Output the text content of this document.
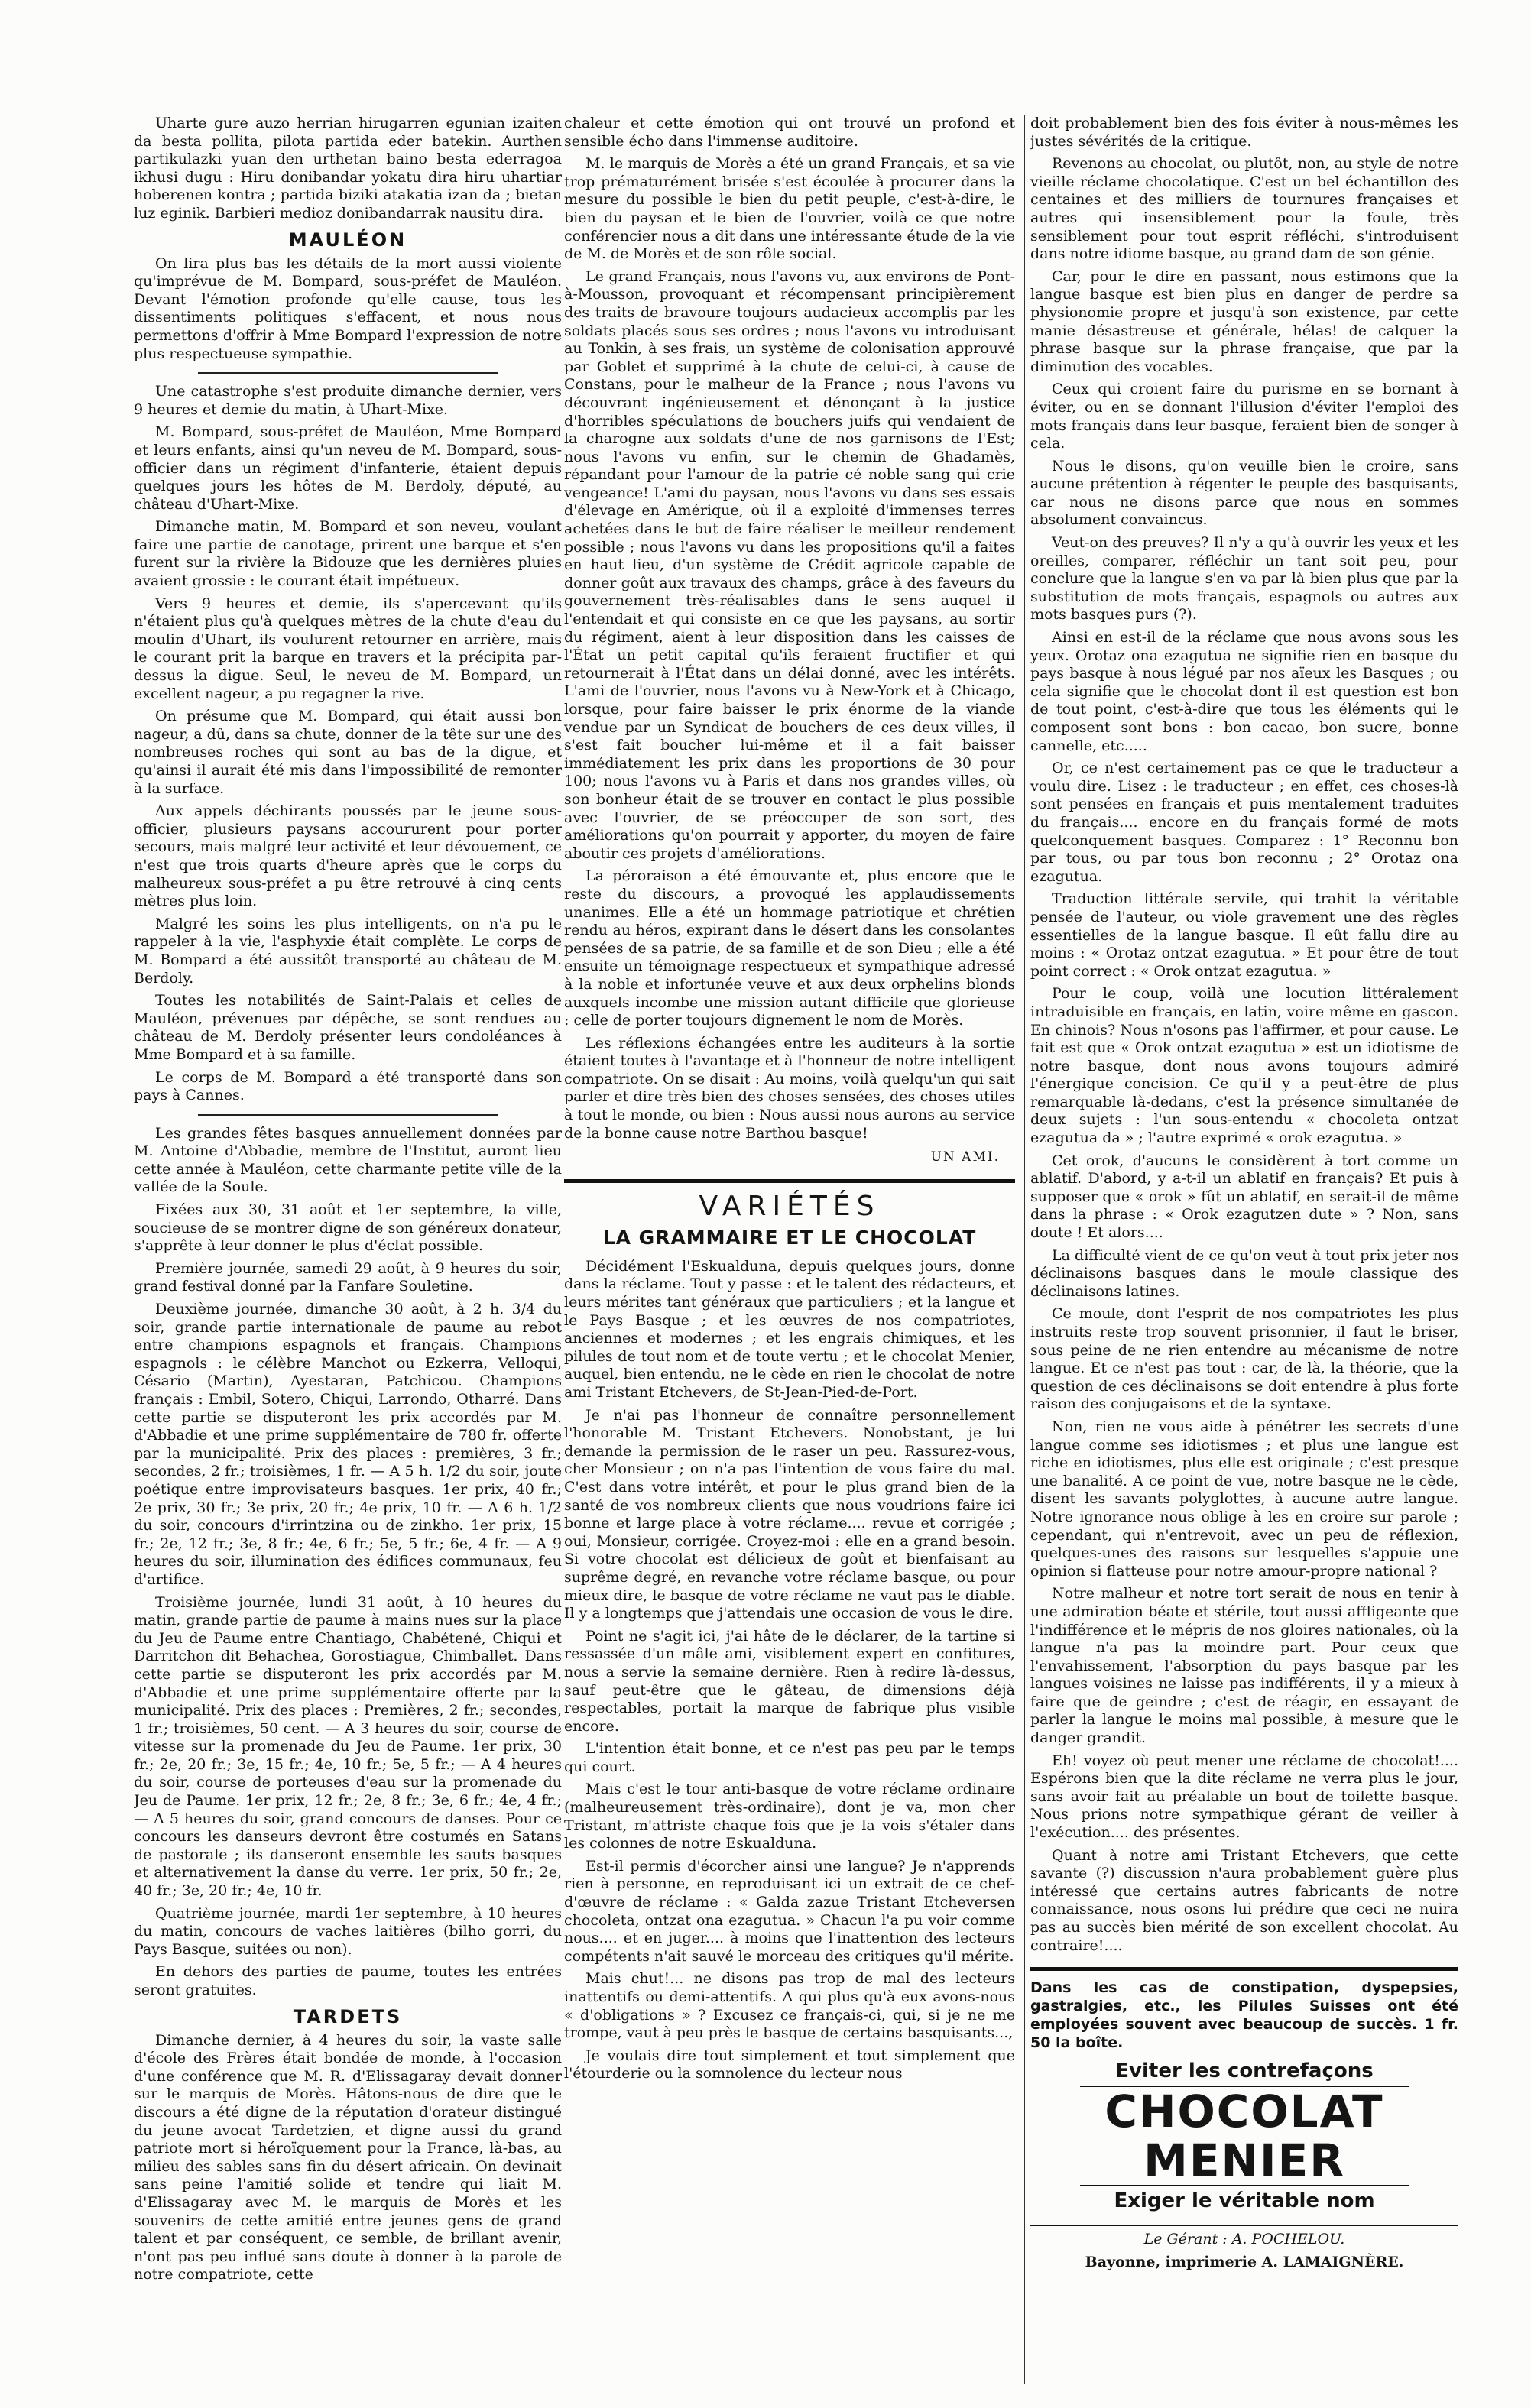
Uharte gure auzo herrian hirugarren egunian izaiten da besta pollita, pilota partida eder batekin. Aurthen partikulazki yuan den urthetan baino besta ederragoa ikhusi dugu : Hiru donibandar yokatu dira hiru uhartiar hoberenen kontra ; partida biziki atakatia izan da ; bietan luz eginik. Barbieri medioz donibandarrak nausitu dira.

MAULÉON

On lira plus bas les détails de la mort aussi violente qu'imprévue de M. Bompard, sous-préfet de Mauléon. Devant l'émotion profonde qu'elle cause, tous les dissentiments politiques s'effacent, et nous nous permettons d'offrir à Mme Bompard l'expression de notre plus respectueuse sympathie.

Une catastrophe s'est produite dimanche dernier, vers 9 heures et demie du matin, à Uhart-Mixe.

M. Bompard, sous-préfet de Mauléon, Mme Bompard et leurs enfants, ainsi qu'un neveu de M. Bompard, sous-officier dans un régiment d'infanterie, étaient depuis quelques jours les hôtes de M. Berdoly, député, au château d'Uhart-Mixe.

Dimanche matin, M. Bompard et son neveu, voulant faire une partie de canotage, prirent une barque et s'en furent sur la rivière la Bidouze que les dernières pluies avaient grossie : le courant était impétueux.

Vers 9 heures et demie, ils s'apercevant qu'ils n'étaient plus qu'à quelques mètres de la chute d'eau du moulin d'Uhart, ils voulurent retourner en arrière, mais le courant prit la barque en travers et la précipita par-dessus la digue. Seul, le neveu de M. Bompard, un excellent nageur, a pu regagner la rive.

On présume que M. Bompard, qui était aussi bon nageur, a dû, dans sa chute, donner de la tête sur une des nombreuses roches qui sont au bas de la digue, et qu'ainsi il aurait été mis dans l'impossibilité de remonter à la surface.

Aux appels déchirants poussés par le jeune sous-officier, plusieurs paysans accoururent pour porter secours, mais malgré leur activité et leur dévouement, ce n'est que trois quarts d'heure après que le corps du malheureux sous-préfet a pu être retrouvé à cinq cents mètres plus loin.

Malgré les soins les plus intelligents, on n'a pu le rappeler à la vie, l'asphyxie était complète. Le corps de M. Bompard a été aussitôt transporté au château de M. Berdoly.

Toutes les notabilités de Saint-Palais et celles de Mauléon, prévenues par dépêche, se sont rendues au château de M. Berdoly présenter leurs condoléances à Mme Bompard et à sa famille.

Le corps de M. Bompard a été transporté dans son pays à Cannes.

Les grandes fêtes basques annuellement données par M. Antoine d'Abbadie, membre de l'Institut, auront lieu cette année à Mauléon, cette charmante petite ville de la vallée de la Soule.

Fixées aux 30, 31 août et 1er septembre, la ville, soucieuse de se montrer digne de son généreux donateur, s'apprête à leur donner le plus d'éclat possible.

Première journée, samedi 29 août, à 9 heures du soir, grand festival donné par la Fanfare Souletine.

Deuxième journée, dimanche 30 août, à 2 h. 3/4 du soir, grande partie internationale de paume au rebot entre champions espagnols et français. Champions espagnols : le célèbre Manchot ou Ezkerra, Velloqui, Césario (Martin), Ayestaran, Patchicou. Champions français : Embil, Sotero, Chiqui, Larrondo, Otharré. Dans cette partie se disputeront les prix accordés par M. d'Abbadie et une prime supplémentaire de 780 fr. offerte par la municipalité. Prix des places : premières, 3 fr.; secondes, 2 fr.; troisièmes, 1 fr. — A 5 h. 1/2 du soir, joute poétique entre improvisateurs basques. 1er prix, 40 fr.; 2e prix, 30 fr.; 3e prix, 20 fr.; 4e prix, 10 fr. — A 6 h. 1/2 du soir, concours d'irrintzina ou de zinkho. 1er prix, 15 fr.; 2e, 12 fr.; 3e, 8 fr.; 4e, 6 fr.; 5e, 5 fr.; 6e, 4 fr. — A 9 heures du soir, illumination des édifices communaux, feu d'artifice.

Troisième journée, lundi 31 août, à 10 heures du matin, grande partie de paume à mains nues sur la place du Jeu de Paume entre Chantiago, Chabétené, Chiqui et Darritchon dit Behachea, Gorostiague, Chimballet. Dans cette partie se disputeront les prix accordés par M. d'Abbadie et une prime supplémentaire offerte par la municipalité. Prix des places : Premières, 2 fr.; secondes, 1 fr.; troisièmes, 50 cent. — A 3 heures du soir, course de vitesse sur la promenade du Jeu de Paume. 1er prix, 30 fr.; 2e, 20 fr.; 3e, 15 fr.; 4e, 10 fr.; 5e, 5 fr.; — A 4 heures du soir, course de porteuses d'eau sur la promenade du Jeu de Paume. 1er prix, 12 fr.; 2e, 8 fr.; 3e, 6 fr.; 4e, 4 fr.; — A 5 heures du soir, grand concours de danses. Pour ce concours les danseurs devront être costumés en Satans de pastorale ; ils danseront ensemble les sauts basques et alternativement la danse du verre. 1er prix, 50 fr.; 2e, 40 fr.; 3e, 20 fr.; 4e, 10 fr.

Quatrième journée, mardi 1er septembre, à 10 heures du matin, concours de vaches laitières (bilho gorri, du Pays Basque, suitées ou non).

En dehors des parties de paume, toutes les entrées seront gratuites.

TARDETS

Dimanche dernier, à 4 heures du soir, la vaste salle d'école des Frères était bondée de monde, à l'occasion d'une conférence que M. R. d'Elissagaray devait donner sur le marquis de Morès. Hâtons-nous de dire que le discours a été digne de la réputation d'orateur distingué du jeune avocat Tardetzien, et digne aussi du grand patriote mort si héroïquement pour la France, là-bas, au milieu des sables sans fin du désert africain. On devinait sans peine l'amitié solide et tendre qui liait M. d'Elissagaray avec M. le marquis de Morès et les souvenirs de cette amitié entre jeunes gens de grand talent et par conséquent, ce semble, de brillant avenir, n'ont pas peu influé sans doute à donner à la parole de notre compatriote, cette

chaleur et cette émotion qui ont trouvé un profond et sensible écho dans l'immense auditoire.

M. le marquis de Morès a été un grand Français, et sa vie trop prématurément brisée s'est écoulée à procurer dans la mesure du possible le bien du petit peuple, c'est-à-dire, le bien du paysan et le bien de l'ouvrier, voilà ce que notre conférencier nous a dit dans une intéressante étude de la vie de M. de Morès et de son rôle social.

Le grand Français, nous l'avons vu, aux environs de Pont-à-Mousson, provoquant et récompensant principièrement des traits de bravoure toujours audacieux accomplis par les soldats placés sous ses ordres ; nous l'avons vu introduisant au Tonkin, à ses frais, un système de colonisation approuvé par Goblet et supprimé à la chute de celui-ci, à cause de Constans, pour le malheur de la France ; nous l'avons vu découvrant ingénieusement et dénonçant à la justice d'horribles spéculations de bouchers juifs qui vendaient de la charogne aux soldats d'une de nos garnisons de l'Est; nous l'avons vu enfin, sur le chemin de Ghadamès, répandant pour l'amour de la patrie cé noble sang qui crie vengeance! L'ami du paysan, nous l'avons vu dans ses essais d'élevage en Amérique, où il a exploité d'immenses terres achetées dans le but de faire réaliser le meilleur rendement possible ; nous l'avons vu dans les propositions qu'il a faites en haut lieu, d'un système de Crédit agricole capable de donner goût aux travaux des champs, grâce à des faveurs du gouvernement très-réalisables dans le sens auquel il l'entendait et qui consiste en ce que les paysans, au sortir du régiment, aient à leur disposition dans les caisses de l'État un petit capital qu'ils feraient fructifier et qui retournerait à l'État dans un délai donné, avec les intérêts. L'ami de l'ouvrier, nous l'avons vu à New-York et à Chicago, lorsque, pour faire baisser le prix énorme de la viande vendue par un Syndicat de bouchers de ces deux villes, il s'est fait boucher lui-même et il a fait baisser immédiatement les prix dans les proportions de 30 pour 100; nous l'avons vu à Paris et dans nos grandes villes, où son bonheur était de se trouver en contact le plus possible avec l'ouvrier, de se préoccuper de son sort, des améliorations qu'on pourrait y apporter, du moyen de faire aboutir ces projets d'améliorations.

La péroraison a été émouvante et, plus encore que le reste du discours, a provoqué les applaudissements unanimes. Elle a été un hommage patriotique et chrétien rendu au héros, expirant dans le désert dans les consolantes pensées de sa patrie, de sa famille et de son Dieu ; elle a été ensuite un témoignage respectueux et sympathique adressé à la noble et infortunée veuve et aux deux orphelins blonds auxquels incombe une mission autant difficile que glorieuse : celle de porter toujours dignement le nom de Morès.

Les réflexions échangées entre les auditeurs à la sortie étaient toutes à l'avantage et à l'honneur de notre intelligent compatriote. On se disait : Au moins, voilà quelqu'un qui sait parler et dire très bien des choses sensées, des choses utiles à tout le monde, ou bien : Nous aussi nous aurons au service de la bonne cause notre Barthou basque!

UN AMI.

VARIÉTÉS
LA GRAMMAIRE ET LE CHOCOLAT

Décidément l'Eskualduna, depuis quelques jours, donne dans la réclame. Tout y passe : et le talent des rédacteurs, et leurs mérites tant généraux que particuliers ; et la langue et le Pays Basque ; et les œuvres de nos compatriotes, anciennes et modernes ; et les engrais chimiques, et les pilules de tout nom et de toute vertu ; et le chocolat Menier, auquel, bien entendu, ne le cède en rien le chocolat de notre ami Tristant Etchevers, de St-Jean-Pied-de-Port.

Je n'ai pas l'honneur de connaître personnellement l'honorable M. Tristant Etchevers. Nonobstant, je lui demande la permission de le raser un peu. Rassurez-vous, cher Monsieur ; on n'a pas l'intention de vous faire du mal. C'est dans votre intérêt, et pour le plus grand bien de la santé de vos nombreux clients que nous voudrions faire ici bonne et large place à votre réclame.... revue et corrigée ; oui, Monsieur, corrigée. Croyez-moi : elle en a grand besoin. Si votre chocolat est délicieux de goût et bienfaisant au suprême degré, en revanche votre réclame basque, ou pour mieux dire, le basque de votre réclame ne vaut pas le diable. Il y a longtemps que j'attendais une occasion de vous le dire.

Point ne s'agit ici, j'ai hâte de le déclarer, de la tartine si ressassée d'un mâle ami, visiblement expert en confitures, nous a servie la semaine dernière. Rien à redire là-dessus, sauf peut-être que le gâteau, de dimensions déjà respectables, portait la marque de fabrique plus visible encore.

L'intention était bonne, et ce n'est pas peu par le temps qui court.

Mais c'est le tour anti-basque de votre réclame ordinaire (malheureusement très-ordinaire), dont je va, mon cher Tristant, m'attriste chaque fois que je la vois s'étaler dans les colonnes de notre Eskualduna.

Est-il permis d'écorcher ainsi une langue? Je n'apprends rien à personne, en reproduisant ici un extrait de ce chef-d'œuvre de réclame : « Galda zazue Tristant Etcheversen chocoleta, ontzat ona ezagutua. » Chacun l'a pu voir comme nous.... et en juger.... à moins que l'inattention des lecteurs compétents n'ait sauvé le morceau des critiques qu'il mérite.

Mais chut!... ne disons pas trop de mal des lecteurs inattentifs ou demi-attentifs. A qui plus qu'à eux avons-nous « d'obligations » ? Excusez ce français-ci, qui, si je ne me trompe, vaut à peu près le basque de certains basquisants...,

Je voulais dire tout simplement et tout simplement que l'étourderie ou la somnolence du lecteur nous

doit probablement bien des fois éviter à nous-mêmes les justes sévérités de la critique.

Revenons au chocolat, ou plutôt, non, au style de notre vieille réclame chocolatique. C'est un bel échantillon des centaines et des milliers de tournures françaises et autres qui insensiblement pour la foule, très sensiblement pour tout esprit réfléchi, s'introduisent dans notre idiome basque, au grand dam de son génie.

Car, pour le dire en passant, nous estimons que la langue basque est bien plus en danger de perdre sa physionomie propre et jusqu'à son existence, par cette manie désastreuse et générale, hélas! de calquer la phrase basque sur la phrase française, que par la diminution des vocables.

Ceux qui croient faire du purisme en se bornant à éviter, ou en se donnant l'illusion d'éviter l'emploi des mots français dans leur basque, feraient bien de songer à cela.

Nous le disons, qu'on veuille bien le croire, sans aucune prétention à régenter le peuple des basquisants, car nous ne disons parce que nous en sommes absolument convaincus.

Veut-on des preuves? Il n'y a qu'à ouvrir les yeux et les oreilles, comparer, réfléchir un tant soit peu, pour conclure que la langue s'en va par là bien plus que par la substitution de mots français, espagnols ou autres aux mots basques purs (?).

Ainsi en est-il de la réclame que nous avons sous les yeux. Orotaz ona ezagutua ne signifie rien en basque du pays basque à nous légué par nos aïeux les Basques ; ou cela signifie que le chocolat dont il est question est bon de tout point, c'est-à-dire que tous les éléments qui le composent sont bons : bon cacao, bon sucre, bonne cannelle, etc.....

Or, ce n'est certainement pas ce que le traducteur a voulu dire. Lisez : le traducteur ; en effet, ces choses-là sont pensées en français et puis mentalement traduites du français.... encore en du français formé de mots quelconquement basques. Comparez : 1° Reconnu bon par tous, ou par tous bon reconnu ; 2° Orotaz ona ezagutua.

Traduction littérale servile, qui trahit la véritable pensée de l'auteur, ou viole gravement une des règles essentielles de la langue basque. Il eût fallu dire au moins : « Orotaz ontzat ezagutua. » Et pour être de tout point correct : « Orok ontzat ezagutua. »

Pour le coup, voilà une locution littéralement intraduisible en français, en latin, voire même en gascon. En chinois? Nous n'osons pas l'affirmer, et pour cause. Le fait est que « Orok ontzat ezagutua » est un idiotisme de notre basque, dont nous avons toujours admiré l'énergique concision. Ce qu'il y a peut-être de plus remarquable là-dedans, c'est la présence simultanée de deux sujets : l'un sous-entendu « chocoleta ontzat ezagutua da » ; l'autre exprimé « orok ezagutua. »

Cet orok, d'aucuns le considèrent à tort comme un ablatif. D'abord, y a-t-il un ablatif en français? Et puis à supposer que « orok » fût un ablatif, en serait-il de même dans la phrase : « Orok ezagutzen dute » ? Non, sans doute ! Et alors....

La difficulté vient de ce qu'on veut à tout prix jeter nos déclinaisons basques dans le moule classique des déclinaisons latines.

Ce moule, dont l'esprit de nos compatriotes les plus instruits reste trop souvent prisonnier, il faut le briser, sous peine de ne rien entendre au mécanisme de notre langue. Et ce n'est pas tout : car, de là, la théorie, que la question de ces déclinaisons se doit entendre à plus forte raison des conjugaisons et de la syntaxe.

Non, rien ne vous aide à pénétrer les secrets d'une langue comme ses idiotismes ; et plus une langue est riche en idiotismes, plus elle est originale ; c'est presque une banalité. A ce point de vue, notre basque ne le cède, disent les savants polyglottes, à aucune autre langue. Notre ignorance nous oblige à les en croire sur parole ; cependant, qui n'entrevoit, avec un peu de réflexion, quelques-unes des raisons sur lesquelles s'appuie une opinion si flatteuse pour notre amour-propre national ?

Notre malheur et notre tort serait de nous en tenir à une admiration béate et stérile, tout aussi affligeante que l'indifférence et le mépris de nos gloires nationales, où la langue n'a pas la moindre part. Pour ceux que l'envahissement, l'absorption du pays basque par les langues voisines ne laisse pas indifférents, il y a mieux à faire que de geindre ; c'est de réagir, en essayant de parler la langue le moins mal possible, à mesure que le danger grandit.

Eh! voyez où peut mener une réclame de chocolat!.... Espérons bien que la dite réclame ne verra plus le jour, sans avoir fait au préalable un bout de toilette basque. Nous prions notre sympathique gérant de veiller à l'exécution.... des présentes.

Quant à notre ami Tristant Etchevers, que cette savante (?) discussion n'aura probablement guère plus intéressé que certains autres fabricants de notre connaissance, nous osons lui prédire que ceci ne nuira pas au succès bien mérité de son excellent chocolat. Au contraire!....

Dans les cas de constipation, dyspepsies, gastralgies, etc., les Pilules Suisses ont été employées souvent avec beaucoup de succès. 1 fr. 50 la boîte.

Eviter les contrefaçons
CHOCOLAT
MENIER
Exiger le véritable nom
Le Gérant : A. POCHELOU.
Bayonne, imprimerie A. LAMAIGNÈRE.
